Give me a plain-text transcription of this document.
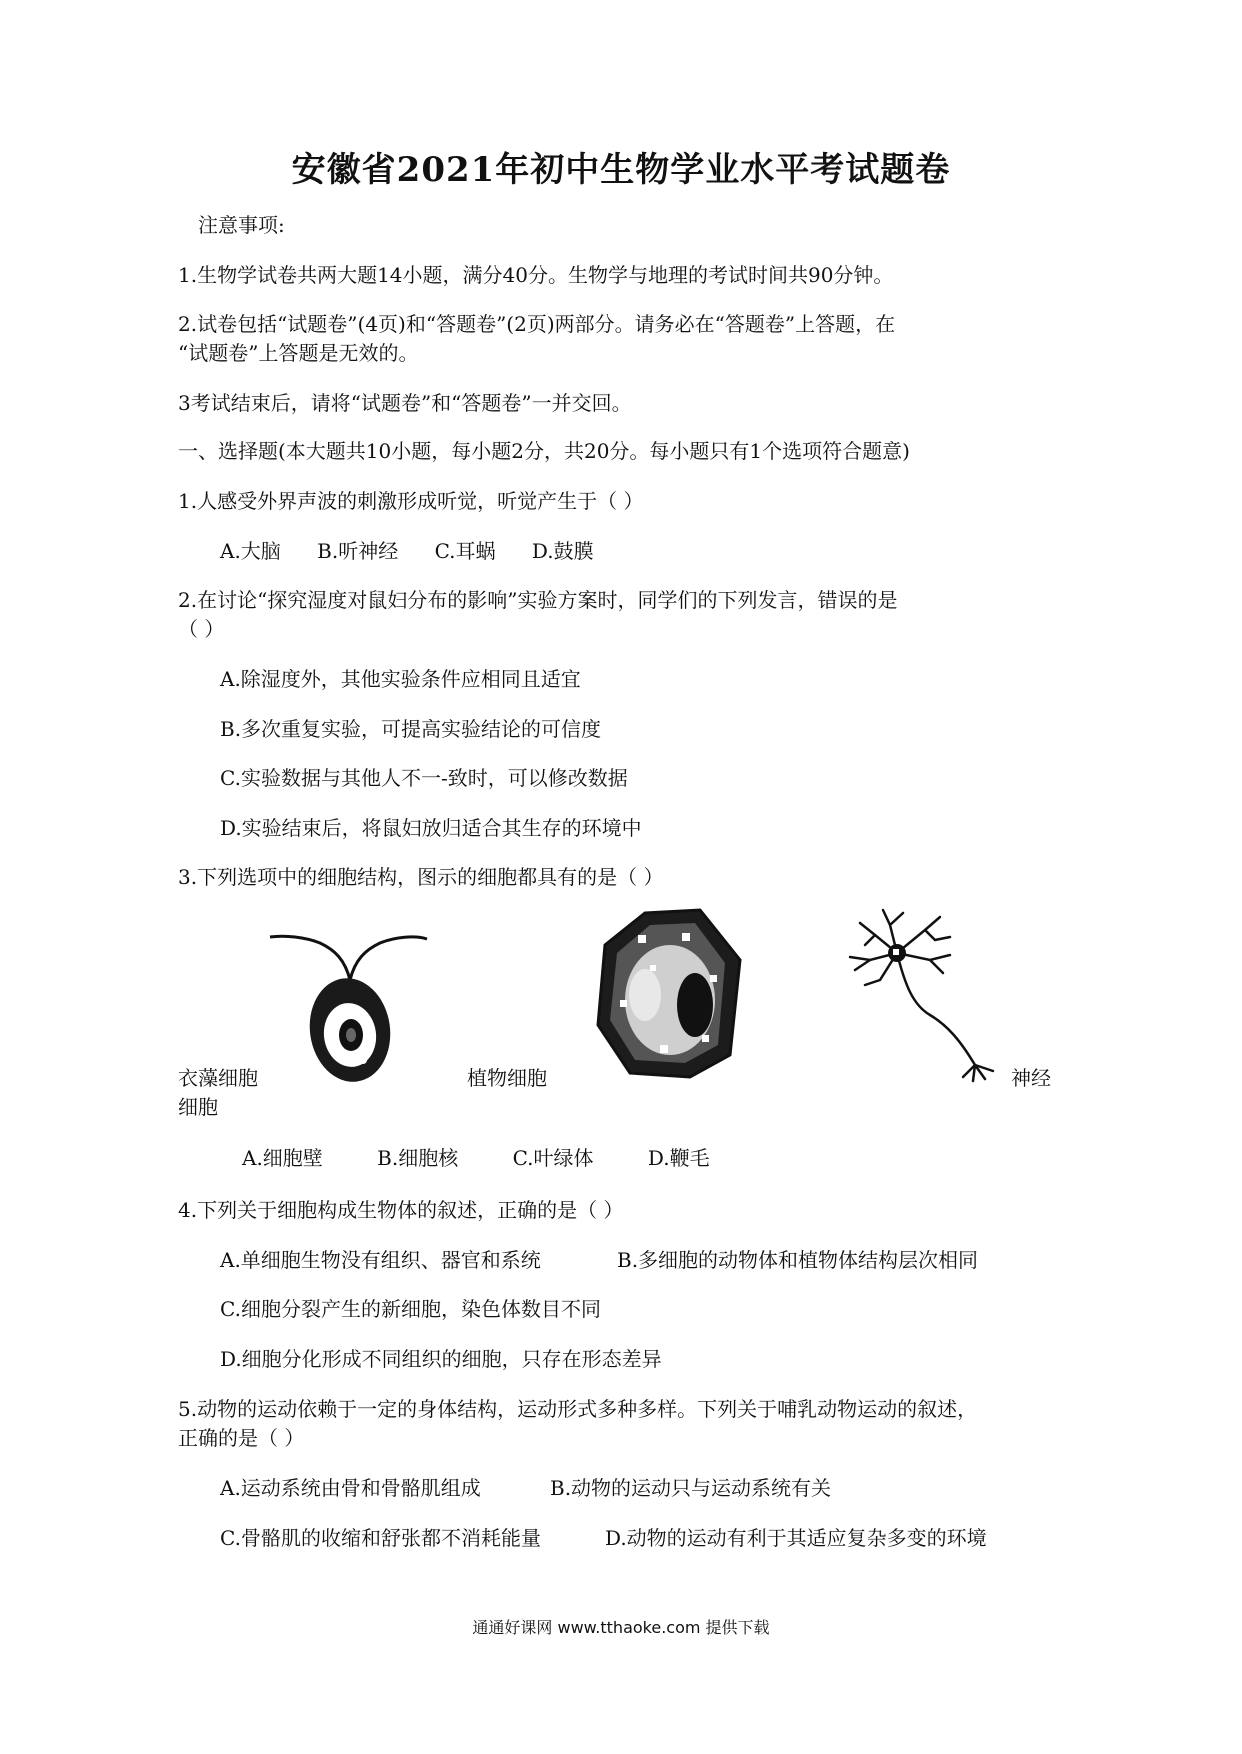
安徽省2021年初中生物学业水平考试题卷
注意事项:
1.生物学试卷共两大题14小题，满分40分。生物学与地理的考试时间共90分钟。
2.试卷包括“试题卷”(4页)和“答题卷”(2页)两部分。请务必在“答题卷”上答题，在
“试题卷”上答题是无效的。
3考试结束后，请将“试题卷”和“答题卷”一并交回。
一、选择题(本大题共10小题，每小题2分，共20分。每小题只有1个选项符合题意)
1.人感受外界声波的刺激形成听觉，听觉产生于（ ）
A.大脑 B.听神经 C.耳蜗 D.鼓膜
2.在讨论“探究湿度对鼠妇分布的影响”实验方案时，同学们的下列发言，错误的是
（ ）
A.除湿度外，其他实验条件应相同且适宜
B.多次重复实验，可提高实验结论的可信度
C.实验数据与其他人不一-致时，可以修改数据
D.实验结束后，将鼠妇放归适合其生存的环境中
3.下列选项中的细胞结构，图示的细胞都具有的是（ ）
衣藻细胞
细胞
植物细胞	神经
A.细胞壁	B.细胞核	C.叶绿体	D.鞭毛
4.下列关于细胞构成生物体的叙述，正确的是（ ）
A.单细胞生物没有组织、器官和系统	B.多细胞的动物体和植物体结构层次相同
C.细胞分裂产生的新细胞，染色体数目不同
D.细胞分化形成不同组织的细胞，只存在形态差异
5.动物的运动依赖于一定的身体结构，运动形式多种多样。下列关于哺乳动物运动的叙述，
正确的是（ ）
A.运动系统由骨和骨骼肌组成	B.动物的运动只与运动系统有关
C.骨骼肌的收缩和舒张都不消耗能量	D.动物的运动有利于其适应复杂多变的环境
通通好课网 www.tthaoke.com 提供下载
